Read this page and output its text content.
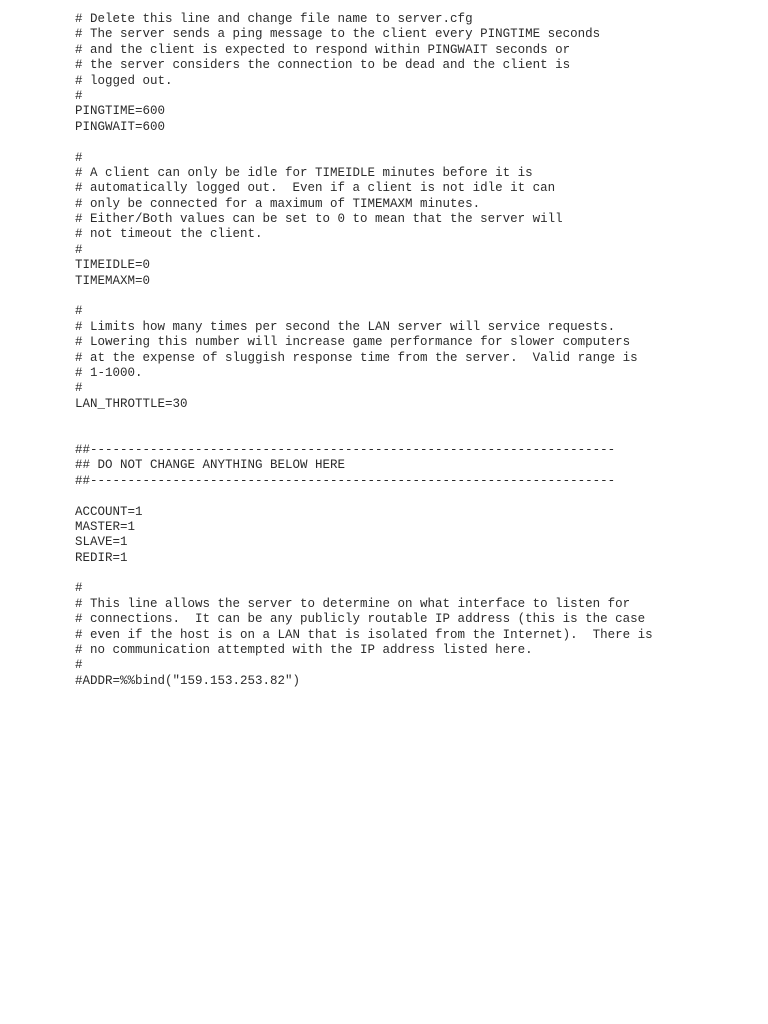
# Delete this line and change file name to server.cfg
# The server sends a ping message to the client every PINGTIME seconds
# and the client is expected to respond within PINGWAIT seconds or
# the server considers the connection to be dead and the client is
# logged out.
#
PINGTIME=600
PINGWAIT=600
#
# A client can only be idle for TIMEIDLE minutes before it is
# automatically logged out.  Even if a client is not idle it can
# only be connected for a maximum of TIMEMAXM minutes.
# Either/Both values can be set to 0 to mean that the server will
# not timeout the client.
#
TIMEIDLE=0
TIMEMAXM=0
#
# Limits how many times per second the LAN server will service requests.
# Lowering this number will increase game performance for slower computers
# at the expense of sluggish response time from the server.  Valid range is
# 1-1000.
#
LAN_THROTTLE=30
##----------------------------------------------------------------------
## DO NOT CHANGE ANYTHING BELOW HERE
##----------------------------------------------------------------------
ACCOUNT=1
MASTER=1
SLAVE=1
REDIR=1
#
# This line allows the server to determine on what interface to listen for
# connections.  It can be any publicly routable IP address (this is the case
# even if the host is on a LAN that is isolated from the Internet).  There is
# no communication attempted with the IP address listed here.
#
#ADDR=%%bind("159.153.253.82")
